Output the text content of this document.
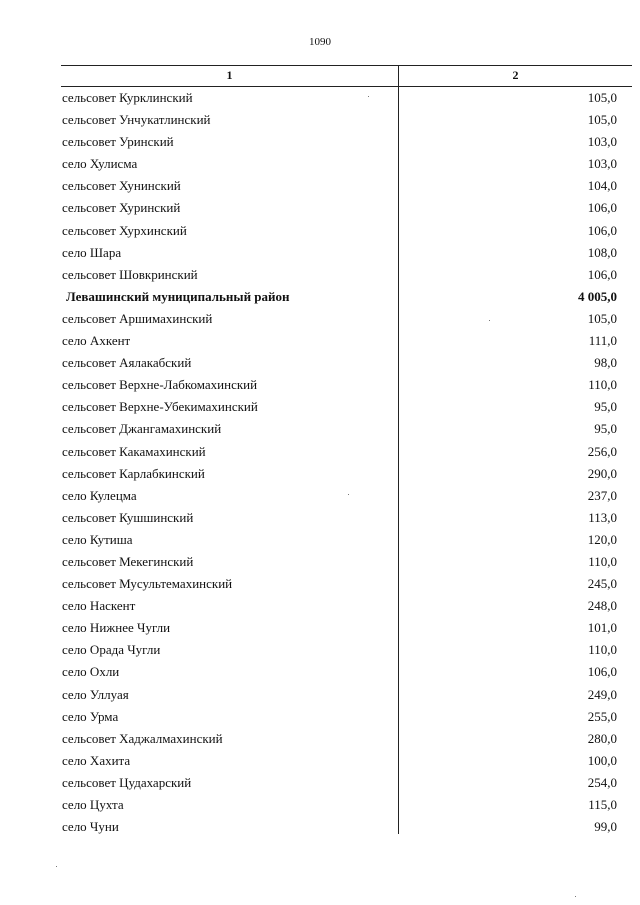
1090
1	2
сельсовет Курклинский	105,0
сельсовет Унчукатлинский	105,0
сельсовет Уринский	103,0
село Хулисма	103,0
сельсовет Хунинский	104,0
сельсовет Хуринский	106,0
сельсовет Хурхинский	106,0
село Шара	108,0
сельсовет Шовкринский	106,0
Левашинский муниципальный район	4 005,0
сельсовет Аршимахинский	105,0
село Ахкент	111,0
сельсовет Аялакабский	98,0
сельсовет Верхне-Лабкомахинский	110,0
сельсовет Верхне-Убекимахинский	95,0
сельсовет Джангамахинский	95,0
сельсовет Какамахинский	256,0
сельсовет Карлабкинский	290,0
село Кулецма	237,0
сельсовет Кушшинский	113,0
село Кутиша	120,0
сельсовет Мекегинский	110,0
сельсовет Мусультемахинский	245,0
село Наскент	248,0
село Нижнее Чугли	101,0
село Орада Чугли	110,0
село Охли	106,0
село Уллуая	249,0
село Урма	255,0
сельсовет Хаджалмахинский	280,0
село Хахита	100,0
сельсовет Цудахарский	254,0
село Цухта	115,0
село Чуни	99,0
